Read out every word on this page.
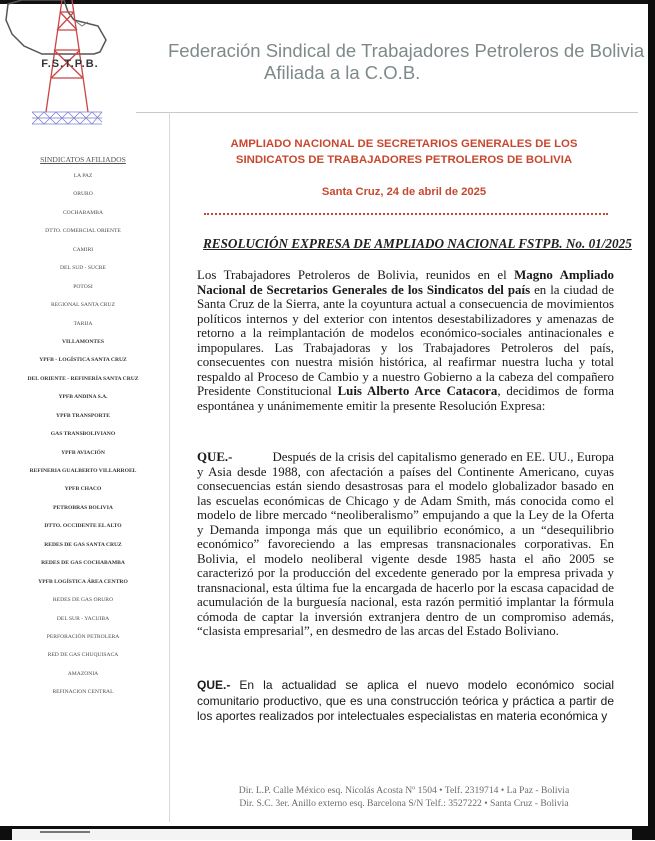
F.S.T.P.B.
Federación Sindical de Trabajadores Petroleros de Bolivia
Afiliada a la C.O.B.
SINDICATOS AFILIADOS
LA PAZ
ORURO
COCHABAMBA
DTTO. COMERCIAL ORIENTE
CAMIRI
DEL SUD - SUCRE
POTOSI
REGIONAL SANTA CRUZ
TARIJA
VILLAMONTES
YPFB - LOGÍSTICA SANTA CRUZ
DEL ORIENTE - REFINERÍA SANTA CRUZ
YPFB ANDINA S.A.
YPFB TRANSPORTE
GAS TRANSBOLIVIANO
YPFB AVIACIÓN
REFINERIA GUALBERTO VILLARROEL
YPFB CHACO
PETROBRAS BOLIVIA
DTTO. OCCIDENTE EL ALTO
REDES DE GAS SANTA CRUZ
REDES DE GAS COCHABAMBA
YPFB LOGÍSTICA ÁREA CENTRO
REDES DE GAS ORURO
DEL SUR - YACUIBA
PERFORACIÓN PETROLERA
RED DE GAS CHUQUISACA
AMAZONIA
REFINACION CENTRAL
AMPLIADO NACIONAL DE SECRETARIOS GENERALES DE LOS
SINDICATOS DE TRABAJADORES PETROLEROS DE BOLIVIA
Santa Cruz, 24 de abril de 2025
RESOLUCIÓN EXPRESA DE AMPLIADO NACIONAL FSTPB. No. 01/2025
Los Trabajadores Petroleros de Bolivia, reunidos en el Magno Ampliado Nacional de Secretarios Generales de los Sindicatos del país en la ciudad de Santa Cruz de la Sierra, ante la coyuntura actual a consecuencia de movimientos políticos internos y del exterior con intentos desestabilizadores y amenazas de retorno a la reimplantación de modelos económico-sociales antinacionales e impopulares. Las Trabajadoras y los Trabajadores Petroleros del país, consecuentes con nuestra misión histórica, al reafirmar nuestra lucha y total respaldo al Proceso de Cambio y a nuestro Gobierno a la cabeza del compañero Presidente Constitucional Luis Alberto Arce Catacora, decidimos de forma espontánea y unánimemente emitir la presente Resolución Expresa:
QUE.-	Después de la crisis del capitalismo generado en EE. UU., Europa y Asia desde 1988, con afectación a países del Continente Americano, cuyas consecuencias están siendo desastrosas para el modelo globalizador basado en las escuelas económicas de Chicago y de Adam Smith, más conocida como el modelo de libre mercado “neoliberalismo” empujando a que la Ley de la Oferta y Demanda imponga más que un equilibrio económico, a un “desequilibrio económico” favoreciendo a las empresas transnacionales corporativas. En Bolivia, el modelo neoliberal vigente desde 1985 hasta el año 2005 se caracterizó por la producción del excedente generado por la empresa privada y transnacional, esta última fue la encargada de hacerlo por la escasa capacidad de acumulación de la burguesía nacional, esta razón permitió implantar la fórmula cómoda de captar la inversión extranjera dentro de un compromiso además, “clasista empresarial”, en desmedro de las arcas del Estado Boliviano.
QUE.- En la actualidad se aplica el nuevo modelo económico social comunitario productivo, que es una construcción teórica y práctica a partir de los aportes realizados por intelectuales especialistas en materia económica y
Dir. L.P. Calle México esq. Nicolás Acosta Nº 1504 • Telf. 2319714 • La Paz - Bolivia
Dir. S.C. 3er. Anillo externo esq. Barcelona S/N Telf.: 3527222 • Santa Cruz - Bolivia
